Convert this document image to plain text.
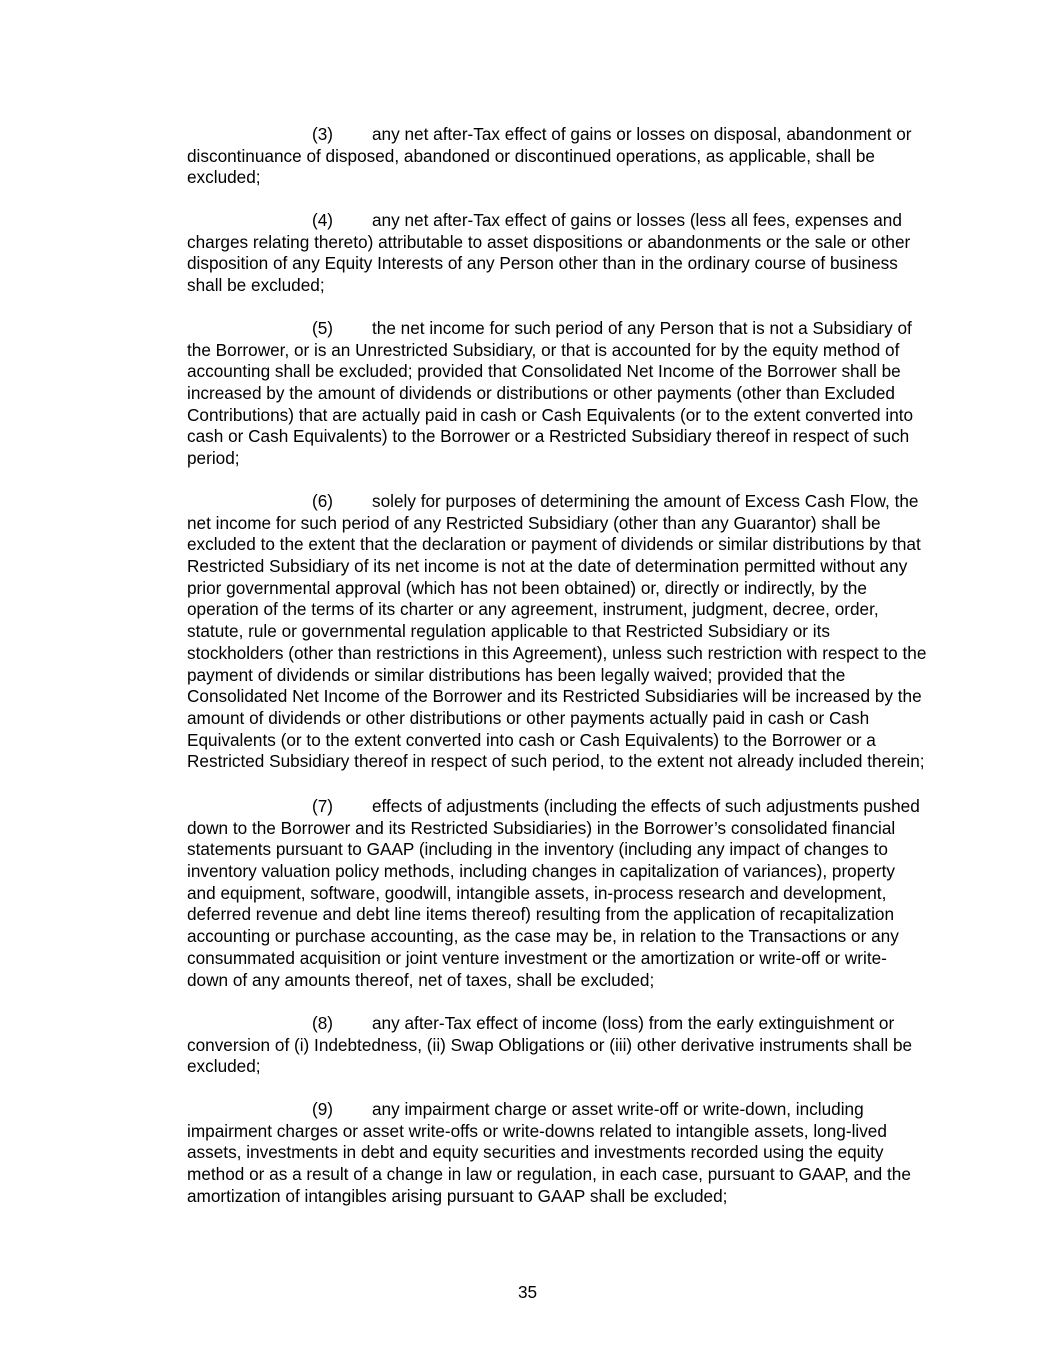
(3) any net after-Tax effect of gains or losses on disposal, abandonment or
discontinuance of disposed, abandoned or discontinued operations, as applicable, shall be
excluded;
(4) any net after-Tax effect of gains or losses (less all fees, expenses and
charges relating thereto) attributable to asset dispositions or abandonments or the sale or other
disposition of any Equity Interests of any Person other than in the ordinary course of business
shall be excluded;
(5) the net income for such period of any Person that is not a Subsidiary of
the Borrower, or is an Unrestricted Subsidiary, or that is accounted for by the equity method of
accounting shall be excluded; provided that Consolidated Net Income of the Borrower shall be
increased by the amount of dividends or distributions or other payments (other than Excluded
Contributions) that are actually paid in cash or Cash Equivalents (or to the extent converted into
cash or Cash Equivalents) to the Borrower or a Restricted Subsidiary thereof in respect of such
period;
(6) solely for purposes of determining the amount of Excess Cash Flow, the
net income for such period of any Restricted Subsidiary (other than any Guarantor) shall be
excluded to the extent that the declaration or payment of dividends or similar distributions by that
Restricted Subsidiary of its net income is not at the date of determination permitted without any
prior governmental approval (which has not been obtained) or, directly or indirectly, by the
operation of the terms of its charter or any agreement, instrument, judgment, decree, order,
statute, rule or governmental regulation applicable to that Restricted Subsidiary or its
stockholders (other than restrictions in this Agreement), unless such restriction with respect to the
payment of dividends or similar distributions has been legally waived; provided that the
Consolidated Net Income of the Borrower and its Restricted Subsidiaries will be increased by the
amount of dividends or other distributions or other payments actually paid in cash or Cash
Equivalents (or to the extent converted into cash or Cash Equivalents) to the Borrower or a
Restricted Subsidiary thereof in respect of such period, to the extent not already included therein;
(7) effects of adjustments (including the effects of such adjustments pushed
down to the Borrower and its Restricted Subsidiaries) in the Borrower’s consolidated financial
statements pursuant to GAAP (including in the inventory (including any impact of changes to
inventory valuation policy methods, including changes in capitalization of variances), property
and equipment, software, goodwill, intangible assets, in-process research and development,
deferred revenue and debt line items thereof) resulting from the application of recapitalization
accounting or purchase accounting, as the case may be, in relation to the Transactions or any
consummated acquisition or joint venture investment or the amortization or write-off or write-
down of any amounts thereof, net of taxes, shall be excluded;
(8) any after-Tax effect of income (loss) from the early extinguishment or
conversion of (i) Indebtedness, (ii) Swap Obligations or (iii) other derivative instruments shall be
excluded;
(9) any impairment charge or asset write-off or write-down, including
impairment charges or asset write-offs or write-downs related to intangible assets, long-lived
assets, investments in debt and equity securities and investments recorded using the equity
method or as a result of a change in law or regulation, in each case, pursuant to GAAP, and the
amortization of intangibles arising pursuant to GAAP shall be excluded;
35
